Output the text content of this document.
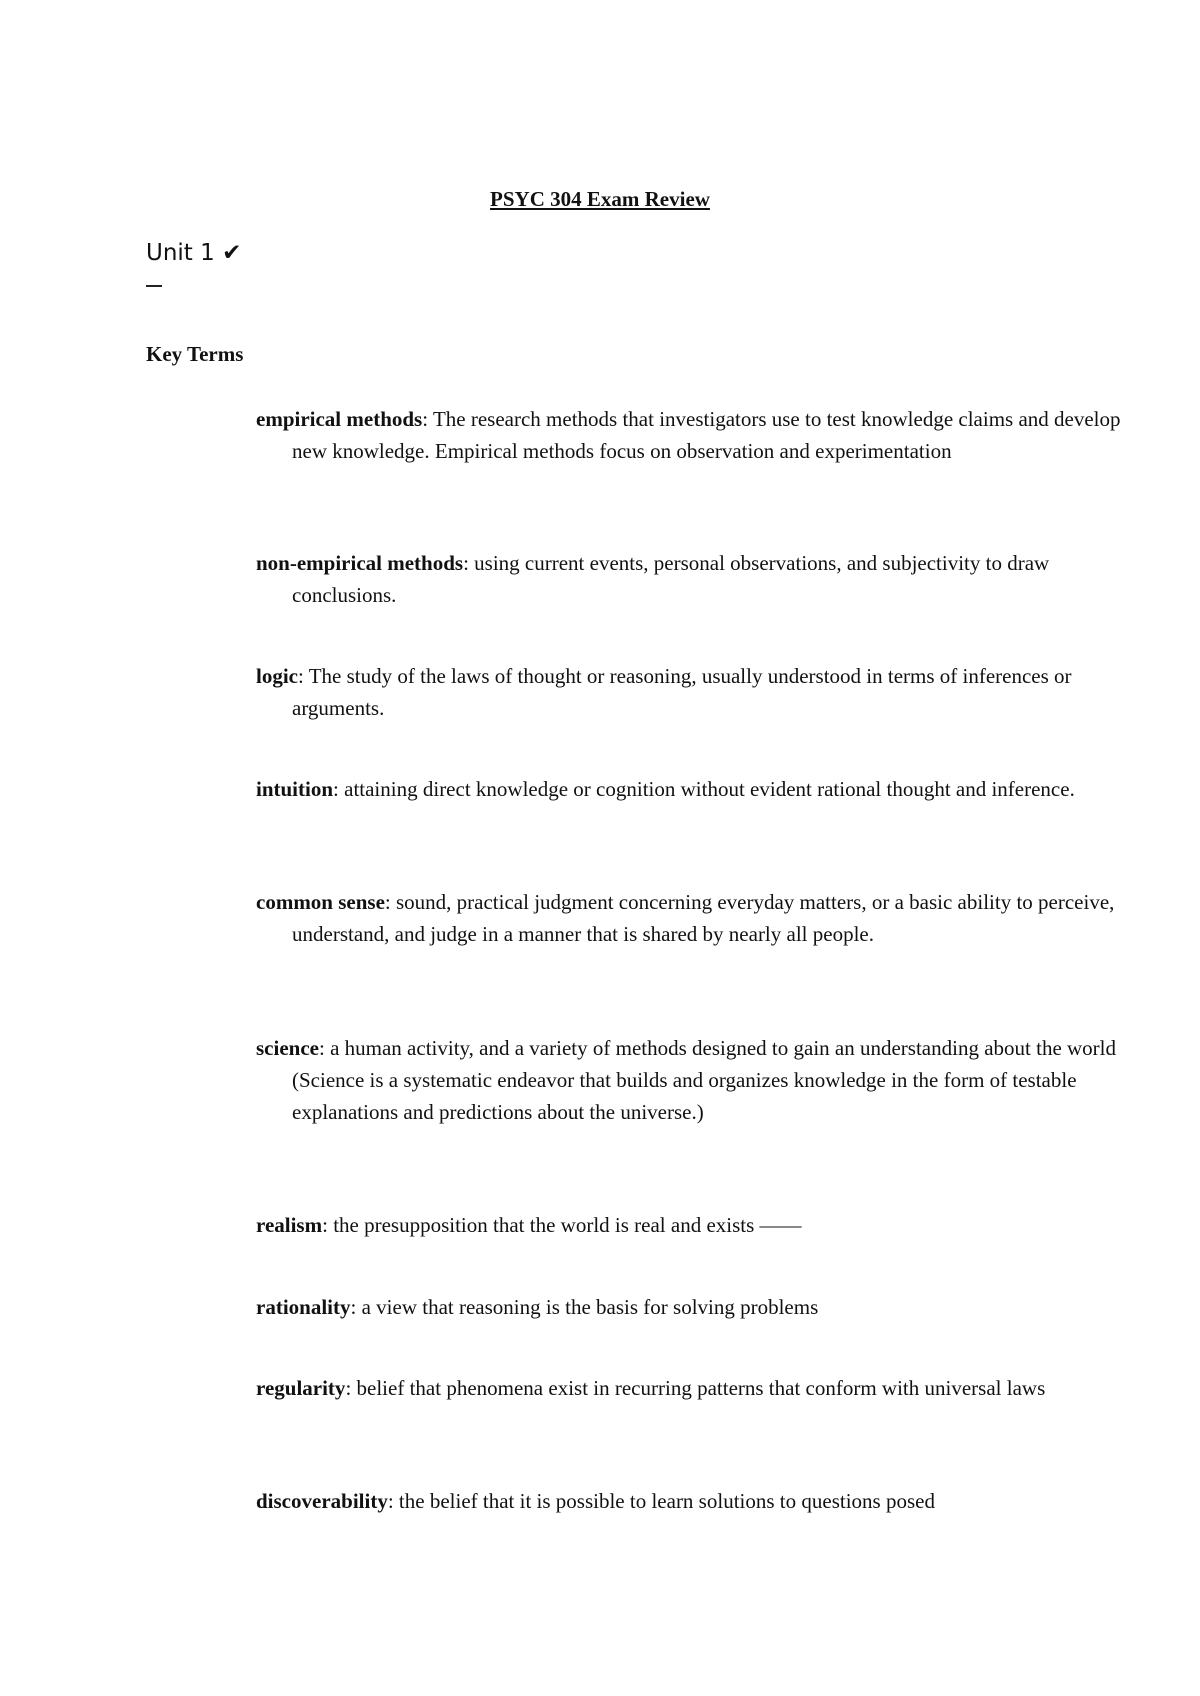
PSYC 304 Exam Review
Unit 1 ✔
Key Terms

empirical methods: The research methods that investigators use to test knowledge claims and develop new knowledge. Empirical methods focus on observation and experimentation

non-empirical methods: using current events, personal observations, and subjectivity to draw conclusions.

logic: The study of the laws of thought or reasoning, usually understood in terms of inferences or arguments.

intuition: attaining direct knowledge or cognition without evident rational thought and inference.

common sense: sound, practical judgment concerning everyday matters, or a basic ability to perceive, understand, and judge in a manner that is shared by nearly all people.

science: a human activity, and a variety of methods designed to gain an understanding about the world (Science is a systematic endeavor that builds and organizes knowledge in the form of testable explanations and predictions about the universe.)

realism: the presupposition that the world is real and exists ——

rationality: a view that reasoning is the basis for solving problems

regularity: belief that phenomena exist in recurring patterns that conform with universal laws

discoverability: the belief that it is possible to learn solutions to questions posed
